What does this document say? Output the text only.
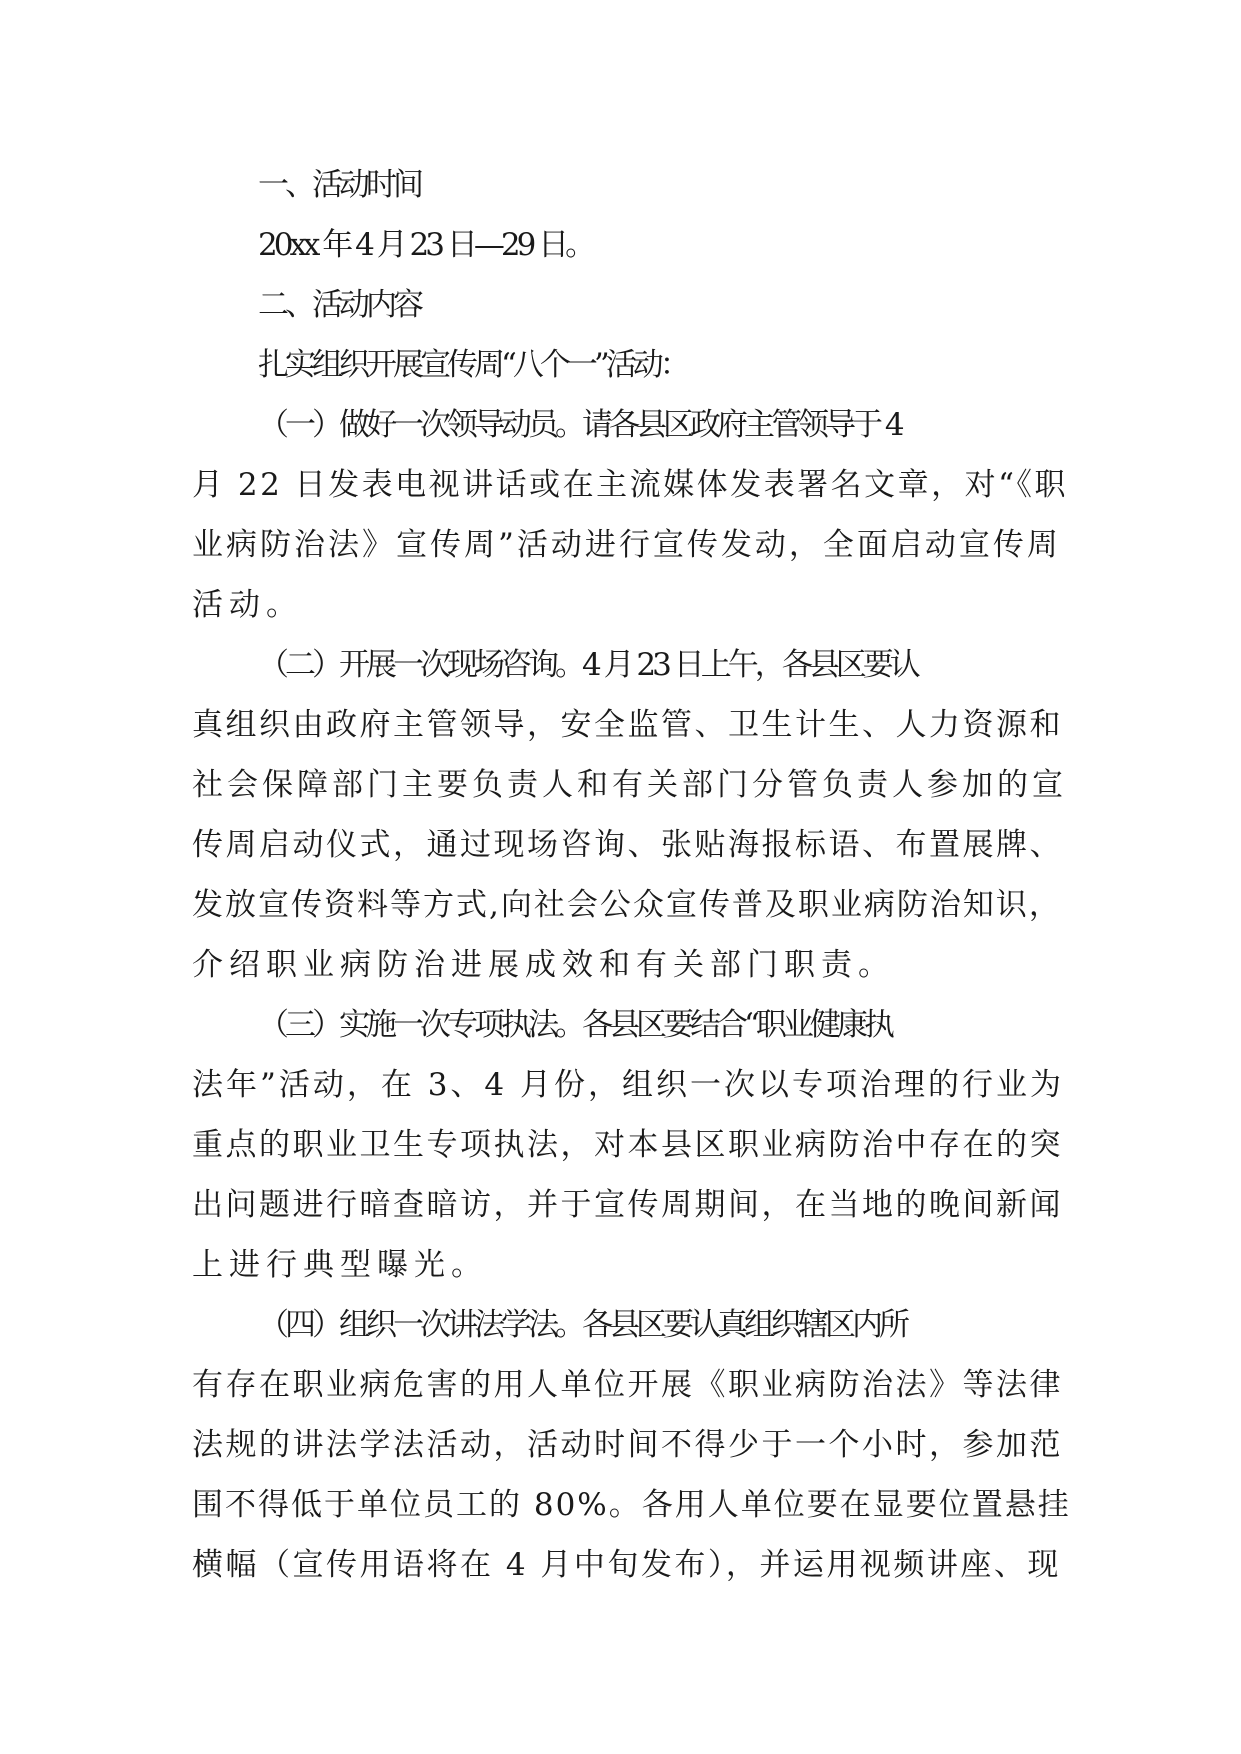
一、活动时间
20xx 年 4 月 23 日—29 日。
二、活动内容
扎实组织开展宣传周“八个一”活动：
（一）做好一次领导动员。请各县区政府主管领导于 4
月 22 日发表电视讲话或在主流媒体发表署名文章，对“《职
业病防治法》宣传周”活动进行宣传发动，全面启动宣传周
活动。
（二）开展一次现场咨询。4 月 23 日上午，各县区要认
真组织由政府主管领导，安全监管、卫生计生、人力资源和
社会保障部门主要负责人和有关部门分管负责人参加的宣
传周启动仪式，通过现场咨询、张贴海报标语、布置展牌、
发放宣传资料等方式,向社会公众宣传普及职业病防治知识，
介绍职业病防治进展成效和有关部门职责。
（三）实施一次专项执法。各县区要结合“职业健康执
法年”活动，在 3、4 月份，组织一次以专项治理的行业为
重点的职业卫生专项执法，对本县区职业病防治中存在的突
出问题进行暗查暗访，并于宣传周期间，在当地的晚间新闻
上进行典型曝光。
（四）组织一次讲法学法。各县区要认真组织辖区内所
有存在职业病危害的用人单位开展《职业病防治法》等法律
法规的讲法学法活动，活动时间不得少于一个小时，参加范
围不得低于单位员工的 80%。各用人单位要在显要位置悬挂
横幅（宣传用语将在 4 月中旬发布），并运用视频讲座、现
